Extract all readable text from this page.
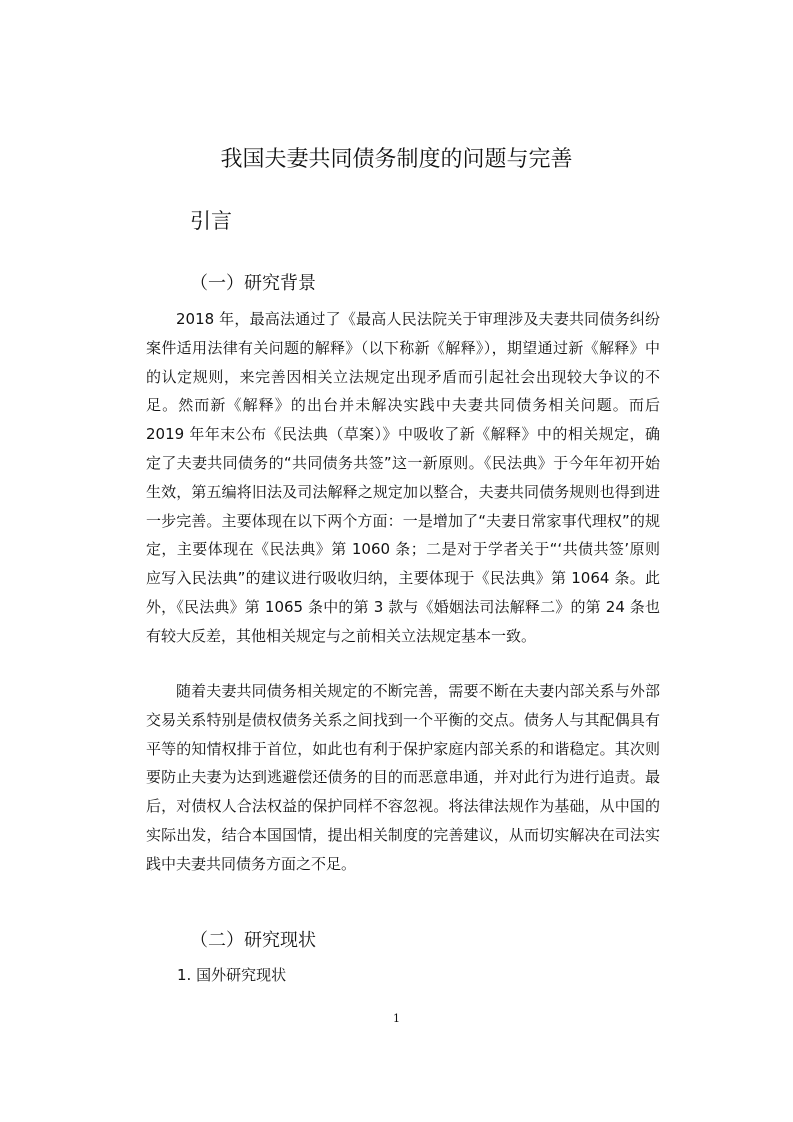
我国夫妻共同债务制度的问题与完善
引言
（一）研究背景

2018 年，最高法通过了《最高人民法院关于审理涉及夫妻共同债务纠纷案件适用法律有关问题的解释》（以下称新《解释》），期望通过新《解释》中的认定规则，来完善因相关立法规定出现矛盾而引起社会出现较大争议的不足。然而新《解释》的出台并未解决实践中夫妻共同债务相关问题。而后2019 年年末公布《民法典（草案）》中吸收了新《解释》中的相关规定，确定了夫妻共同债务的“共同债务共签”这一新原则。《民法典》于今年年初开始生效，第五编将旧法及司法解释之规定加以整合，夫妻共同债务规则也得到进一步完善。主要体现在以下两个方面：一是增加了“夫妻日常家事代理权”的规定，主要体现在《民法典》第 1060 条；二是对于学者关于“‘共债共签’原则应写入民法典”的建议进行吸收归纳，主要体现于《民法典》第 1064 条。此外，《民法典》第 1065 条中的第 3 款与《婚姻法司法解释二》的第 24 条也有较大反差，其他相关规定与之前相关立法规定基本一致。

随着夫妻共同债务相关规定的不断完善，需要不断在夫妻内部关系与外部交易关系特别是债权债务关系之间找到一个平衡的交点。债务人与其配偶具有平等的知情权排于首位，如此也有利于保护家庭内部关系的和谐稳定。其次则要防止夫妻为达到逃避偿还债务的目的而恶意串通，并对此行为进行追责。最后，对债权人合法权益的保护同样不容忽视。将法律法规作为基础，从中国的实际出发，结合本国国情，提出相关制度的完善建议，从而切实解决在司法实践中夫妻共同债务方面之不足。

（二）研究现状
1. 国外研究现状
1
